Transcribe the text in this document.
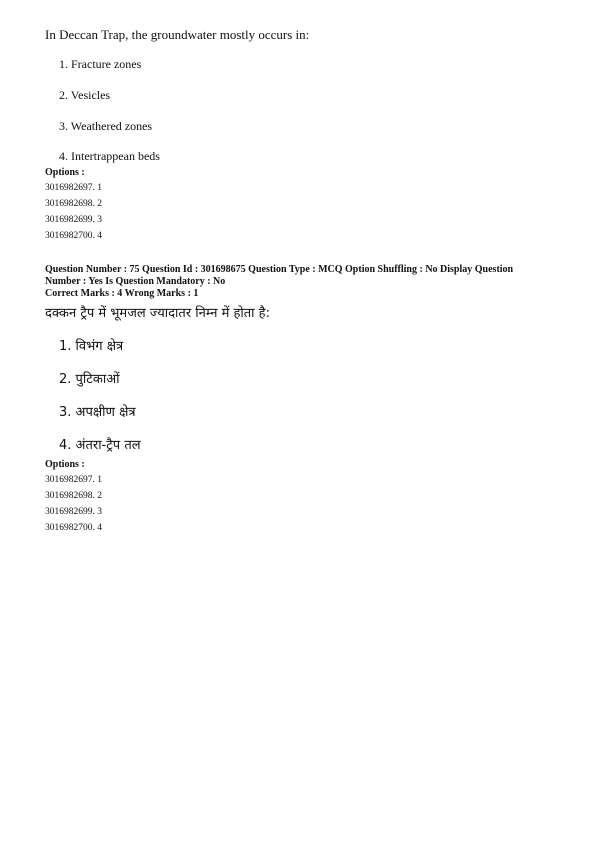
In Deccan Trap, the groundwater mostly occurs in:
1. Fracture zones
2. Vesicles
3. Weathered zones
4. Intertrappean beds
Options :
3016982697. 1
3016982698. 2
3016982699. 3
3016982700. 4
Question Number : 75 Question Id : 301698675 Question Type : MCQ Option Shuffling : No Display Question
Number : Yes Is Question Mandatory : No
Correct Marks : 4 Wrong Marks : 1
दक्कन ट्रैप में भूमजल ज्यादातर निम्न में होता है:
1. विभंग क्षेत्र
2. पुटिकाओं
3. अपक्षीण क्षेत्र
4. अंतरा-ट्रैप तल
Options :
3016982697. 1
3016982698. 2
3016982699. 3
3016982700. 4
